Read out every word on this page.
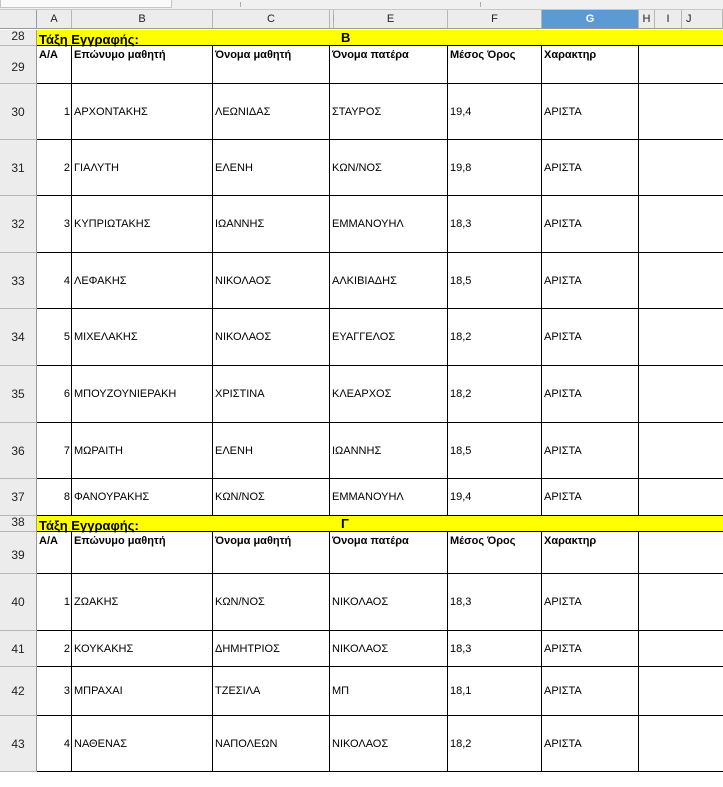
A	B	C	E	F	G	H	I	J
28	Τάξη Εγγραφής:	Β
29
Α/Α	Επώνυμο μαθητή	Όνομα μαθητή	Όνομα πατέρα	Μέσος Όρος	Χαρακτηρ
30	1 ΑΡΧΟΝΤΑΚΗΣ	ΛΕΩΝΙΔΑΣ	ΣΤΑΥΡΟΣ	19,4	ΑΡΙΣΤΑ
31	2 ΓΙΑΛΥΤΗ	ΕΛΕΝΗ	ΚΩΝ/ΝΟΣ	19,8	ΑΡΙΣΤΑ
32	3 ΚΥΠΡΙΩΤΑΚΗΣ	ΙΩΑΝΝΗΣ	ΕΜΜΑΝΟΥΗΛ	18,3	ΑΡΙΣΤΑ
33	4 ΛΕΦΑΚΗΣ	ΝΙΚΟΛΑΟΣ	ΑΛΚΙΒΙΑΔΗΣ	18,5	ΑΡΙΣΤΑ
34	5 ΜΙΧΕΛΑΚΗΣ	ΝΙΚΟΛΑΟΣ	ΕΥΑΓΓΕΛΟΣ	18,2	ΑΡΙΣΤΑ
35	6 ΜΠΟΥΖΟΥΝΙΕΡΑΚΗ	ΧΡΙΣΤΙΝΑ	ΚΛΕΑΡΧΟΣ	18,2	ΑΡΙΣΤΑ
36	7 ΜΩΡΑΙΤΗ	ΕΛΕΝΗ	ΙΩΑΝΝΗΣ	18,5	ΑΡΙΣΤΑ
37	8 ΦΑΝΟΥΡΑΚΗΣ	ΚΩΝ/ΝΟΣ	ΕΜΜΑΝΟΥΗΛ	19,4	ΑΡΙΣΤΑ
38	Τάξη Εγγραφής:	Γ
39
Α/Α	Επώνυμο μαθητή	Όνομα μαθητή	Όνομα πατέρα	Μέσος Όρος	Χαρακτηρ
40	1 ΖΩΑΚΗΣ	ΚΩΝ/ΝΟΣ	ΝΙΚΟΛΑΟΣ	18,3	ΑΡΙΣΤΑ
41	2 ΚΟΥΚΑΚΗΣ	ΔΗΜΗΤΡΙΟΣ	ΝΙΚΟΛΑΟΣ	18,3	ΑΡΙΣΤΑ
42	3 ΜΠΡΑΧΑΙ	ΤΖΕΣΙΛΑ	ΜΠ	18,1	ΑΡΙΣΤΑ
43	4 ΝΑΘΕΝΑΣ	ΝΑΠΟΛΕΩΝ	ΝΙΚΟΛΑΟΣ	18,2	ΑΡΙΣΤΑ
